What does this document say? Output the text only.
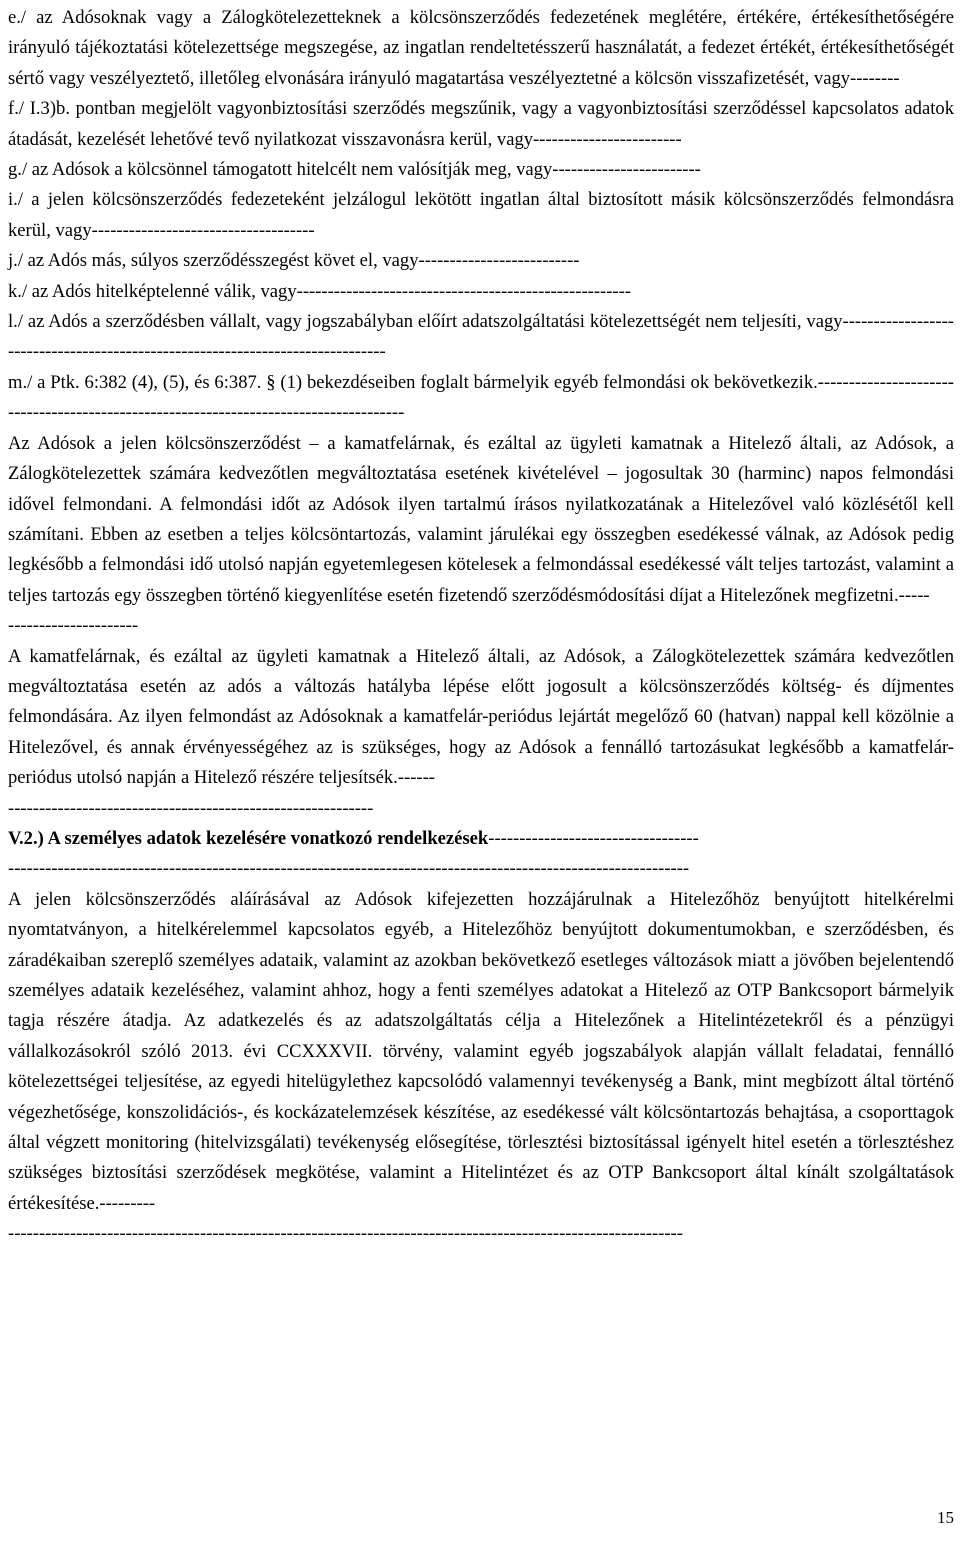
e./ az Adósoknak vagy a Zálogkötelezetteknek a kölcsönszerződés fedezetének meglétére, értékére, értékesíthetőségére irányuló tájékoztatási kötelezettsége megszegése, az ingatlan rendeltetésszerű használatát, a fedezet értékét, értékesíthetőségét sértő vagy veszélyeztető, illetőleg elvonására irányuló magatartása veszélyeztetné a kölcsön visszafizetését, vagy--------

f./ I.3)b. pontban megjelölt vagyonbiztosítási szerződés megszűnik, vagy a vagyonbiztosítási szerződéssel kapcsolatos adatok átadását, kezelését lehetővé tevő nyilatkozat visszavonásra kerül, vagy------------------------

g./ az Adósok a kölcsönnel támogatott hitelcélt nem valósítják meg, vagy------------------------

i./ a jelen kölcsönszerződés fedezeteként jelzálogul lekötött ingatlan által biztosított másik kölcsönszerződés felmondásra kerül, vagy------------------------------------

j./ az Adós más, súlyos szerződésszegést követ el, vagy--------------------------

k./ az Adós hitelképtelenné válik, vagy------------------------------------------------------

l./ az Adós a szerződésben vállalt, vagy jogszabályban előírt adatszolgáltatási kötelezettségét nem teljesíti, vagy-------------------------------------------------------------------------------

m./ a Ptk. 6:382 (4), (5), és 6:387. § (1) bekezdéseiben foglalt bármelyik egyéb felmondási ok bekövetkezik.--------------------------------------------------------------------------------------

Az Adósok a jelen kölcsönszerződést – a kamatfelárnak, és ezáltal az ügyleti kamatnak a Hitelező általi, az Adósok, a Zálogkötelezettek számára kedvezőtlen megváltoztatása esetének kivételével – jogosultak 30 (harminc) napos felmondási idővel felmondani. A felmondási időt az Adósok ilyen tartalmú írásos nyilatkozatának a Hitelezővel való közlésétől kell számítani. Ebben az esetben a teljes kölcsöntartozás, valamint járulékai egy összegben esedékessé válnak, az Adósok pedig legkésőbb a felmondási idő utolsó napján egyetemlegesen kötelesek a felmondással esedékessé vált teljes tartozást, valamint a teljes tartozás egy összegben történő kiegyenlítése esetén fizetendő szerződésmódosítási díjat a Hitelezőnek megfizetni.-----

---------------------

A kamatfelárnak, és ezáltal az ügyleti kamatnak a Hitelező általi, az Adósok, a Zálogkötelezettek számára kedvezőtlen megváltoztatása esetén az adós a változás hatályba lépése előtt jogosult a kölcsönszerződés költség- és díjmentes felmondására. Az ilyen felmondást az Adósoknak a kamatfelár-periódus lejártát megelőző 60 (hatvan) nappal kell közölnie a Hitelezővel, és annak érvényességéhez az is szükséges, hogy az Adósok a fennálló tartozásukat legkésőbb a kamatfelár-periódus utolsó napján a Hitelező részére teljesítsék.------

-----------------------------------------------------------

V.2.) A személyes adatok kezelésére vonatkozó rendelkezések----------------------------------

--------------------------------------------------------------------------------------------------------------

A jelen kölcsönszerződés aláírásával az Adósok kifejezetten hozzájárulnak a Hitelezőhöz benyújtott hitelkérelmi nyomtatványon, a hitelkérelemmel kapcsolatos egyéb, a Hitelezőhöz benyújtott dokumentumokban, e szerződésben, és záradékaiban szereplő személyes adataik, valamint az azokban bekövetkező esetleges változások miatt a jövőben bejelentendő személyes adataik kezeléséhez, valamint ahhoz, hogy a fenti személyes adatokat a Hitelező az OTP Bankcsoport bármelyik tagja részére átadja. Az adatkezelés és az adatszolgáltatás célja a Hitelezőnek a Hitelintézetekről és a pénzügyi vállalkozásokról szóló 2013. évi CCXXXVII. törvény, valamint egyéb jogszabályok alapján vállalt feladatai, fennálló kötelezettségei teljesítése, az egyedi hitelügylethez kapcsolódó valamennyi tevékenység a Bank, mint megbízott által történő végezhetősége, konszolidációs-, és kockázatelemzések készítése, az esedékessé vált kölcsöntartozás behajtása, a csoporttagok által végzett monitoring (hitelvizsgálati) tevékenység elősegítése, törlesztési biztosítással igényelt hitel esetén a törlesztéshez szükséges biztosítási szerződések megkötése, valamint a Hitelintézet és az OTP Bankcsoport által kínált szolgáltatások értékesítése.---------

-------------------------------------------------------------------------------------------------------------

15
